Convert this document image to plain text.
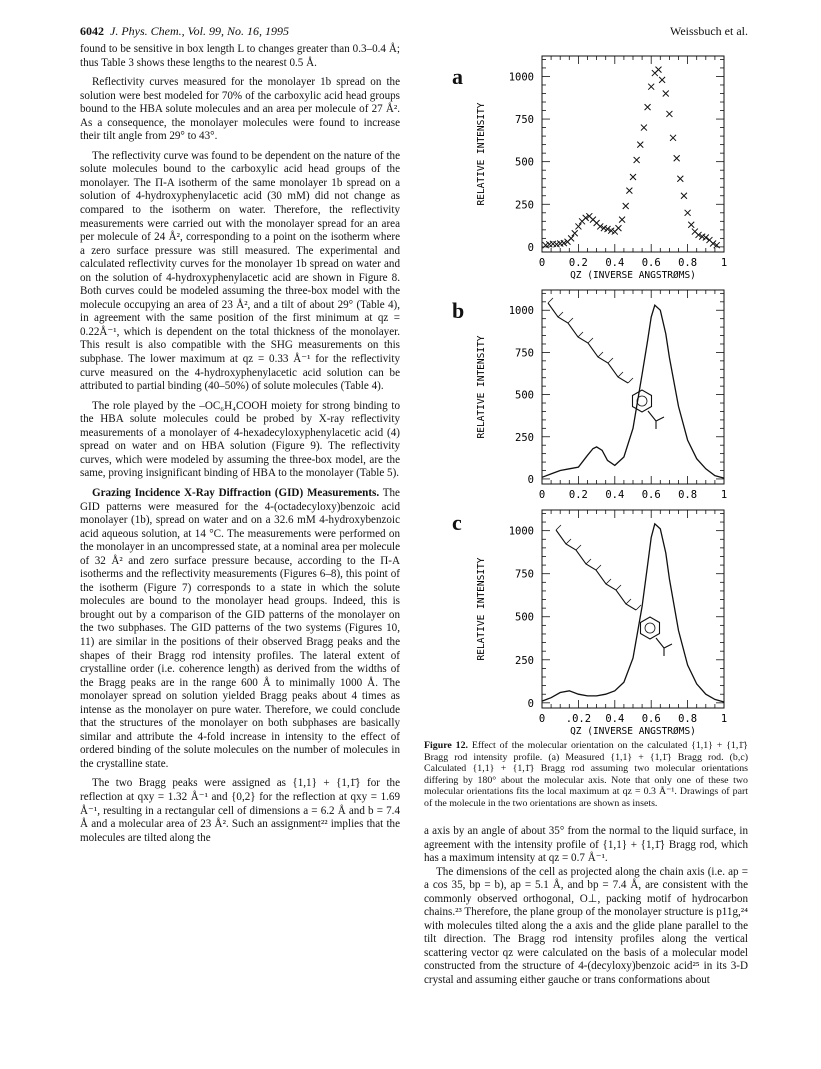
6042 J. Phys. Chem., Vol. 99, No. 16, 1995	Weissbuch et al.

found to be sensitive in box length L to changes greater than 0.3–0.4 Å; thus Table 3 shows these lengths to the nearest 0.5 Å.

Reflectivity curves measured for the monolayer 1b spread on the solution were best modeled for 70% of the carboxylic acid head groups bound to the HBA solute molecules and an area per molecule of 27 Å². As a consequence, the monolayer molecules were found to increase their tilt angle from 29° to 43°.

The reflectivity curve was found to be dependent on the nature of the solute molecules bound to the carboxylic acid head groups of the monolayer. The Π-A isotherm of the same monolayer 1b spread on a solution of 4-hydroxyphenylacetic acid (30 mM) did not change as compared to the isotherm on water. Therefore, the reflectivity measurements were carried out with the monolayer spread for an area per molecule of 24 Å², corresponding to a point on the isotherm where a zero surface pressure was still measured. The experimental and calculated reflectivity curves for the monolayer 1b spread on water and on the solution of 4-hydroxyphenylacetic acid are shown in Figure 8. Both curves could be modeled assuming the three-box model with the molecule occupying an area of 23 Å², and a tilt of about 29° (Table 4), in agreement with the same position of the first minimum at qz = 0.22Å⁻¹, which is dependent on the total thickness of the monolayer. This result is also compatible with the SHG measurements on this subphase. The lower maximum at qz = 0.33 Å⁻¹ for the reflectivity curve measured on the 4-hydroxyphenylacetic acid solution can be attributed to partial binding (40–50%) of solute molecules (Table 4).

The role played by the –OC₆H₄COOH moiety for strong binding to the HBA solute molecules could be probed by X-ray reflectivity measurements of a monolayer of 4-hexadecyloxyphenylacetic acid (4) spread on water and on HBA solution (Figure 9). The reflectivity curves, which were modeled by assuming the three-box model, are the same, proving insignificant binding of HBA to the monolayer (Table 5).

Grazing Incidence X-Ray Diffraction (GID) Measurements. The GID patterns were measured for the 4-(octadecyloxy)benzoic acid monolayer (1b), spread on water and on a 32.6 mM 4-hydroxybenzoic acid aqueous solution, at 14 °C. The measurements were performed on the monolayer in an uncompressed state, at a nominal area per molecule of 32 Å² and zero surface pressure because, according to the Π-A isotherms and the reflectivity measurements (Figures 6–8), this point of the isotherm (Figure 7) corresponds to a state in which the solute molecules are bound to the monolayer head groups. Indeed, this is brought out by a comparison of the GID patterns of the monolayer on the two subphases. The GID patterns of the two systems (Figures 10, 11) are similar in the positions of their observed Bragg peaks and the shapes of their Bragg rod intensity profiles. The lateral extent of crystalline order (i.e. coherence length) as derived from the widths of the Bragg peaks are in the range 600 Å to minimally 1000 Å. The monolayer spread on solution yielded Bragg peaks about 4 times as intense as the monolayer on pure water. Therefore, we could conclude that the structures of the monolayer on both subphases are basically similar and attribute the 4-fold increase in intensity to the effect of ordered binding of the solute molecules on the number of molecules in the crystalline state.

The two Bragg peaks were assigned as {1,1} + {1,1̄} for the reflection at qxy = 1.32 Å⁻¹ and {0,2} for the reflection at qxy = 1.69 Å⁻¹, resulting in a rectangular cell of dimensions a = 6.2 Å and b = 7.4 Å and a molecular area of 23 Å². Such an assignment²² implies that the molecules are tilted along the

a
b
c
1000
750
500
250
0
0 0.2 0.4 0.6 0.8 1
RELATIVE INTENSITY
QZ (INVERSE ANGSTRØMS)
1000
750
500
250
0
0 0.2 0.4 0.6 0.8 1
RELATIVE INTENSITY
1000
750
500
250
0
0 .0.2 0.4 0.6 0.8 1
RELATIVE INTENSITY
QZ (INVERSE ANGSTRØMS)
Figure 12. Effect of the molecular orientation on the calculated {1,1} + {1,1̄} Bragg rod intensity profile. (a) Measured {1,1} + {1,1̄} Bragg rod. (b,c) Calculated {1,1} + {1,1̄} Bragg rod assuming two molecular orientations differing by 180° about the molecular axis. Note that only one of these two molecular orientations fits the local maximum at qz = 0.3 Å⁻¹. Drawings of part of the molecule in the two orientations are shown as insets.

a axis by an angle of about 35° from the normal to the liquid surface, in agreement with the intensity profile of {1,1} + {1,1̄} Bragg rod, which has a maximum intensity at qz = 0.7 Å⁻¹.

The dimensions of the cell as projected along the chain axis (i.e. ap = a cos 35, bp = b), ap = 5.1 Å, and bp = 7.4 Å, are consistent with the commonly observed orthogonal, O⊥, packing motif of hydrocarbon chains.²³ Therefore, the plane group of the monolayer structure is p11g,²⁴ with molecules tilted along the a axis and the glide plane parallel to the tilt direction. The Bragg rod intensity profiles along the vertical scattering vector qz were calculated on the basis of a molecular model constructed from the structure of 4-(decyloxy)benzoic acid²⁵ in its 3-D crystal and assuming either gauche or trans conformations about
